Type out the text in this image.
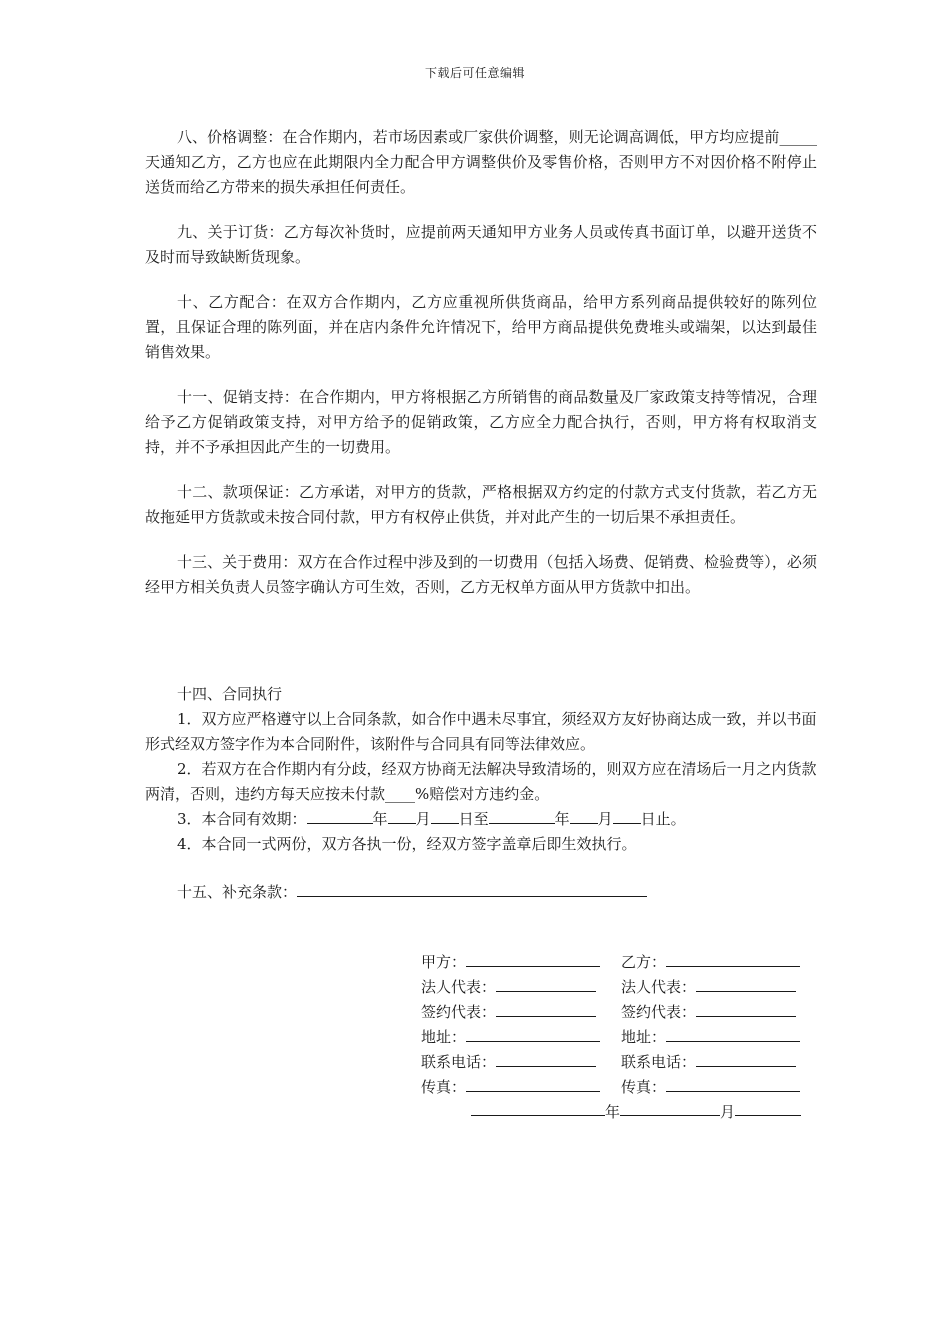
下载后可任意编辑

八、价格调整：在合作期内，若市场因素或厂家供价调整，则无论调高调低，甲方均应提前_____天通知乙方，乙方也应在此期限内全力配合甲方调整供价及零售价格，否则甲方不对因价格不附停止送货而给乙方带来的损失承担任何责任。

九、关于订货：乙方每次补货时，应提前两天通知甲方业务人员或传真书面订单，以避开送货不及时而导致缺断货现象。

十、乙方配合：在双方合作期内，乙方应重视所供货商品，给甲方系列商品提供较好的陈列位置，且保证合理的陈列面，并在店内条件允许情况下，给甲方商品提供免费堆头或端架，以达到最佳销售效果。

十一、促销支持：在合作期内，甲方将根据乙方所销售的商品数量及厂家政策支持等情况，合理给予乙方促销政策支持，对甲方给予的促销政策，乙方应全力配合执行，否则，甲方将有权取消支持，并不予承担因此产生的一切费用。

十二、款项保证：乙方承诺，对甲方的货款，严格根据双方约定的付款方式支付货款，若乙方无故拖延甲方货款或未按合同付款，甲方有权停止供货，并对此产生的一切后果不承担责任。

十三、关于费用：双方在合作过程中涉及到的一切费用（包括入场费、促销费、检验费等），必须经甲方相关负责人员签字确认方可生效，否则，乙方无权单方面从甲方货款中扣出。

十四、合同执行

1．双方应严格遵守以上合同条款，如合作中遇未尽事宜，须经双方友好协商达成一致，并以书面形式经双方签字作为本合同附件，该附件与合同具有同等法律效应。

2．若双方在合作期内有分歧，经双方协商无法解决导致清场的，则双方应在清场后一月之内货款两清，否则，违约方每天应按未付款____%赔偿对方违约金。

3．本合同有效期：	年 月 日至	年 月 日止。

4．本合同一式两份，双方各执一份，经双方签字盖章后即生效执行。

十五、补充条款：
甲方：	乙方：
法人代表：	法人代表：
签约代表：	签约代表：
地址：	地址：
联系电话：	联系电话：
传真：	传真：
年	月
